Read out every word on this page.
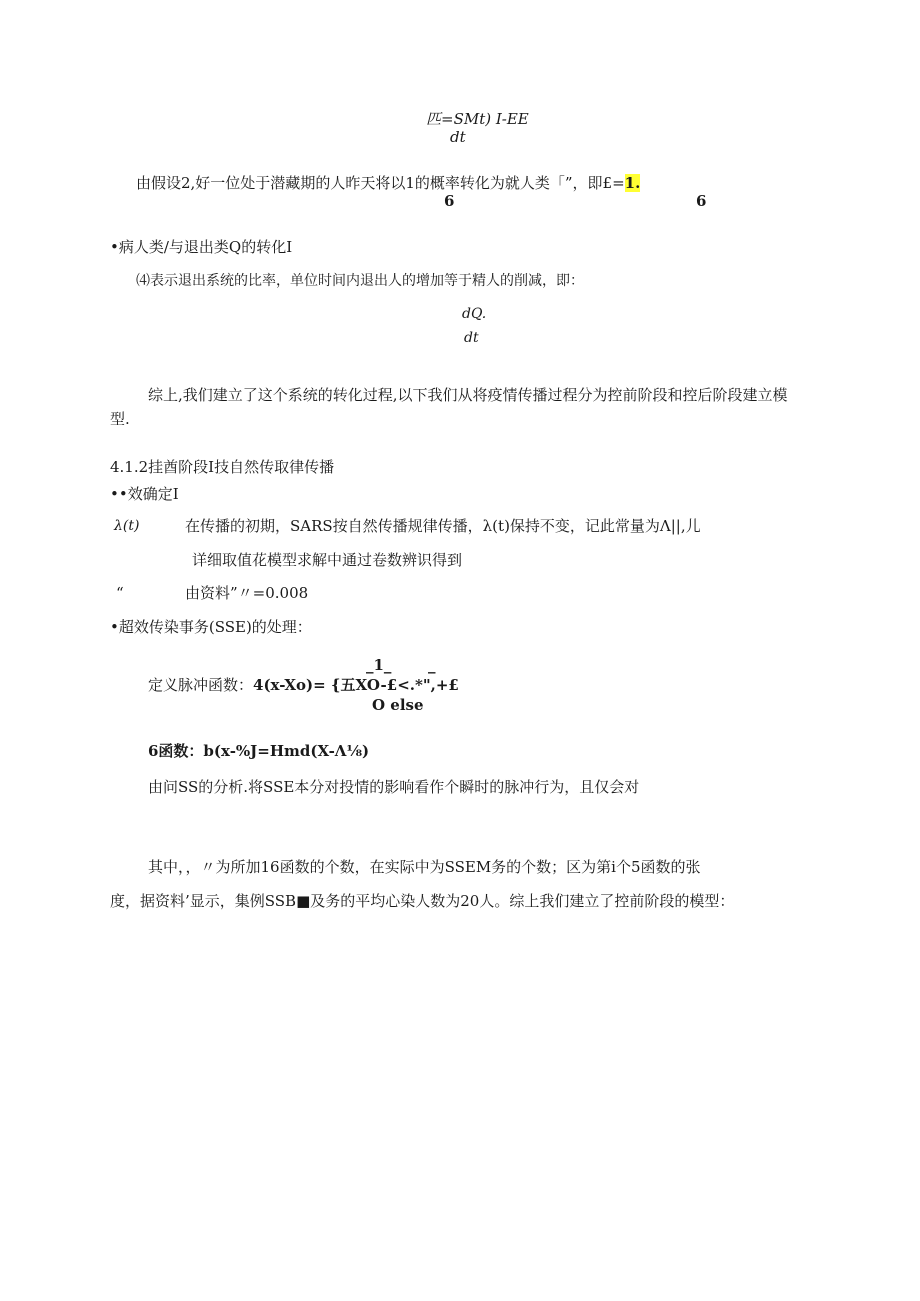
匹=SMt) I-EE
dt
由假设2,好一位处于潜藏期的人昨天将以1的概率转化为就人类「”，即£=1.
6	6
•病人类/与退出类Q的转化I
⑷表示退出系统的比率，单位时间内退出人的增加等于精人的削减，即：
dQ.
dt
综上,我们建立了这个系统的转化过程,以下我们从将疫情传播过程分为控前阶段和控后阶段建立模
型.
4.1.2挂酋阶段I技自然传取律传播
••效确定I
λ(t)	在传播的初期，SARS按自然传播规律传播，λ(t)保持不变，记此常量为Λ||,儿
详细取值花模型求解中通过卷数辨识得到
“	由资料”〃=0.008
•超效传染事务(SSE)的处理：
_1_ _
定义脉冲函数：4(x-Xo)= {五XO-£<.*",+£
O else
6函数：b(x-%J=Hmd(X-Λ⅛)
由问SS的分析.将SSE本分对投情的影响看作个瞬时的脉冲行为，且仅会对
其中，，〃为所加16函数的个数，在实际中为SSEM务的个数；区为第i个5函数的张
度，据资料’显示，集例SSB■及务的平均心染人数为20人。综上我们建立了控前阶段的模型：
